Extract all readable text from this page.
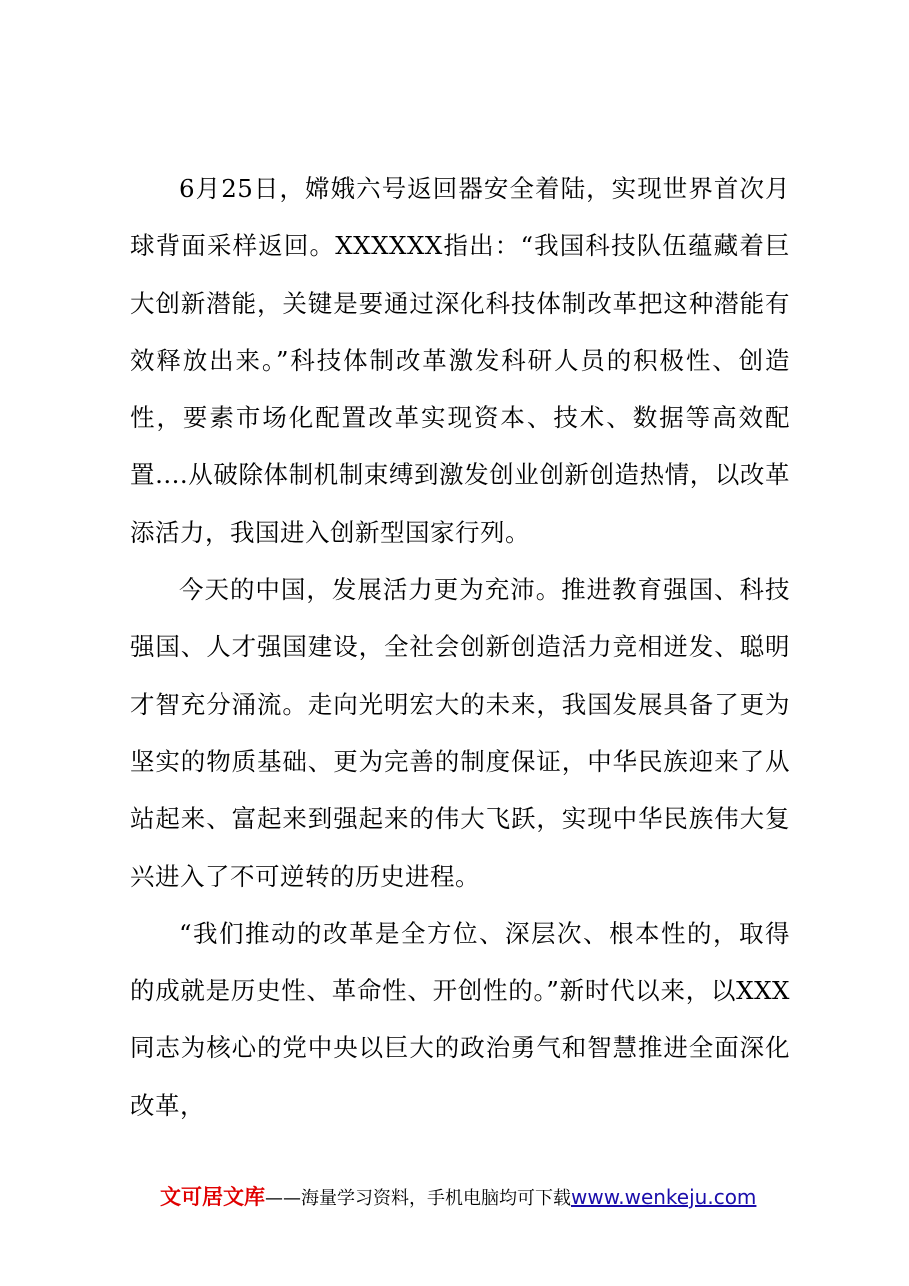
6月25日，嫦娥六号返回器安全着陆，实现世界首次月球背面采样返回。XXXXXX指出：“我国科技队伍蕴藏着巨大创新潜能，关键是要通过深化科技体制改革把这种潜能有效释放出来。”科技体制改革激发科研人员的积极性、创造性，要素市场化配置改革实现资本、技术、数据等高效配置....从破除体制机制束缚到激发创业创新创造热情，以改革添活力，我国进入创新型国家行列。

今天的中国，发展活力更为充沛。推进教育强国、科技强国、人才强国建设，全社会创新创造活力竞相迸发、聪明才智充分涌流。走向光明宏大的未来，我国发展具备了更为坚实的物质基础、更为完善的制度保证，中华民族迎来了从站起来、富起来到强起来的伟大飞跃，实现中华民族伟大复兴进入了不可逆转的历史进程。

“我们推动的改革是全方位、深层次、根本性的，取得的成就是历史性、革命性、开创性的。”新时代以来，以XXX同志为核心的党中央以巨大的政治勇气和智慧推进全面深化改革，

文可居文库——海量学习资料，手机电脑均可下载www.wenkeju.com
